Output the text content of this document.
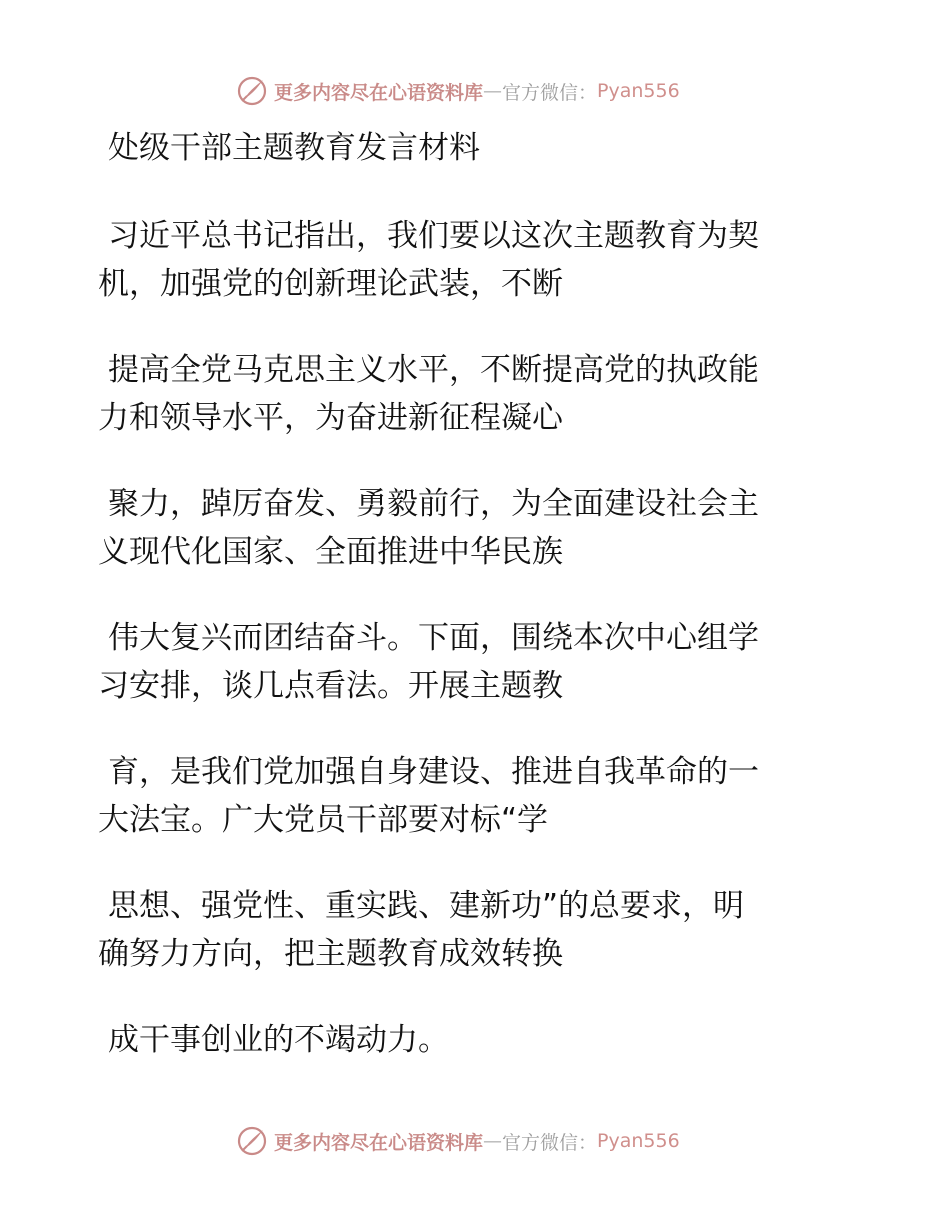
更多内容尽在心语资料库 — 官方微信： Pyan556
处级干部主题教育发言材料
习近平总书记指出，我们要以这次主题教育为契
机，加强党的创新理论武装，不断
提高全党马克思主义水平，不断提高党的执政能
力和领导水平，为奋进新征程凝心
聚力，踔厉奋发、勇毅前行，为全面建设社会主
义现代化国家、全面推进中华民族
伟大复兴而团结奋斗。下面，围绕本次中心组学
习安排，谈几点看法。开展主题教
育，是我们党加强自身建设、推进自我革命的一
大法宝。广大党员干部要对标“学
思想、强党性、重实践、建新功”的总要求，明
确努力方向，把主题教育成效转换
成干事创业的不竭动力。
更多内容尽在心语资料库 — 官方微信： Pyan556
